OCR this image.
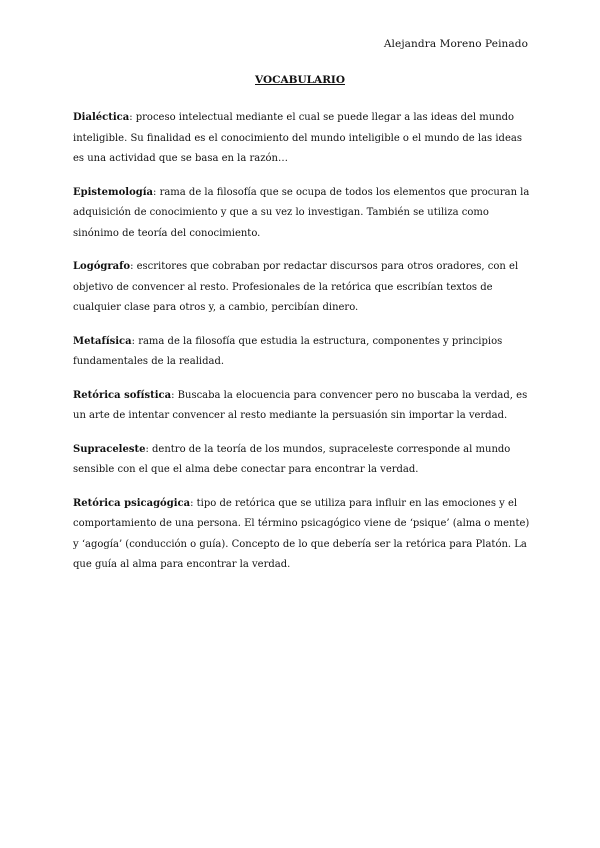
Alejandra Moreno Peinado
VOCABULARIO

Dialéctica: proceso intelectual mediante el cual se puede llegar a las ideas del mundo inteligible. Su finalidad es el conocimiento del mundo inteligible o el mundo de las ideas es una actividad que se basa en la razón…

Epistemología: rama de la filosofía que se ocupa de todos los elementos que procuran la adquisición de conocimiento y que a su vez lo investigan. También se utiliza como sinónimo de teoría del conocimiento.

Logógrafo: escritores que cobraban por redactar discursos para otros oradores, con el objetivo de convencer al resto. Profesionales de la retórica que escribían textos de cualquier clase para otros y, a cambio, percibían dinero.

Metafísica: rama de la filosofía que estudia la estructura, componentes y principios fundamentales de la realidad.

Retórica sofística: Buscaba la elocuencia para convencer pero no buscaba la verdad, es un arte de intentar convencer al resto mediante la persuasión sin importar la verdad.

Supraceleste: dentro de la teoría de los mundos, supraceleste corresponde al mundo sensible con el que el alma debe conectar para encontrar la verdad.

Retórica psicagógica: tipo de retórica que se utiliza para influir en las emociones y el comportamiento de una persona. El término psicagógico viene de ‘psique’ (alma o mente) y ‘agogía’ (conducción o guía). Concepto de lo que debería ser la retórica para Platón. La que guía al alma para encontrar la verdad.
